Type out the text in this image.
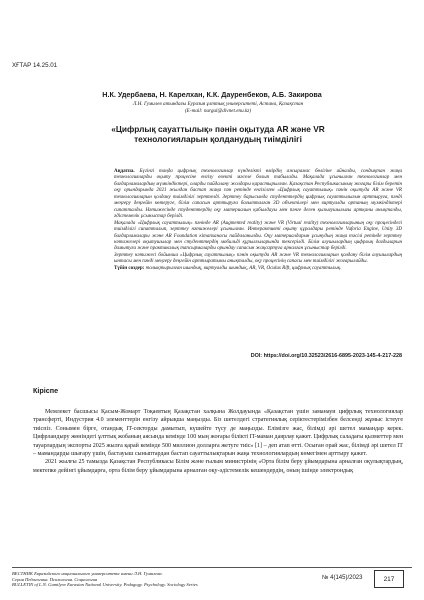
ХҒТАР 14.25.01
Н.К. Удербаева, Н. Карелхан, К.К. Дауренбеков, А.Б. Закирова
Л.Н. Гумилев атындағы Еуразия ұлттық университеті, Астана, Қазақстан
(E-mail: nurgul@divnet.enu.kz)
«Цифрлық сауаттылық» пәнін оқытуда AR және VR
технологияларын қолданудың тиімділігі

Аңдатпа. Бүгінгі таңда цифрлық технологиялар күнделікті өмірдің ажырамас бөлігіне айналды, сондықтан жаңа технологияларды оқыту процесіне енгізу өзекті мәселе болып табылады. Мақалада ұсынылған технологиялар мен бағдарламалардың мүмкіндіктері, оларды пайдалану жолдары қарастырылған. Қазақстан Республикасының жоғары білім беретін оқу орындарында 2021 жылдан бастап жаңа пән ретінде енгізілген «Цифрлық сауаттылық» пәнін оқытуда AR және VR технологияларын қолдану тиімділігі зерттелді. Зерттеу барысында студенттердің цифрлық сауаттылығын арттыруға, пәнді меңгеру деңгейін көтеруге, білім сапасын арттыруға бағытталған 3D объектілері мен виртуалды ортаның мүмкіндіктері сипатталды. Нәтижесінде студенттердің оқу материалын қабылдауы мен пәнге деген қызығушылығы артқаны анықталды, әдістемелік ұсыныстар берілді.

Мақалада «Цифрлық сауаттылық» пәнінде AR (Augmented reality) және VR (Virtual reality) технологияларының оқу процесіндегі тиімділігі сипатталып, зерттеу нәтижелері ұсынылған. Интерактивті оқыту құралдары ретінде Vuforia Engine, Unity 3D бағдарламалары және AR Foundation кітапханасы пайдаланылды. Оқу материалдарын ұсынудың жаңа тәсілі ретінде зерттеу нәтижелері оқытушылар мен студенттердің мобильді құрылғыларында тексерілді. Білім алушылардың цифрлық дағдыларын дамытуға және практикалық тапсырмаларды орындау сапасын жақсартуға арналған ұсыныстар берілді.

Зерттеу нәтижесі бойынша «Цифрлық сауаттылық» пәнін оқытуда AR және VR технологияларын қолдану білім алушылардың ынтасы мен пәнді меңгеру деңгейін арттыратыны анықталды, оқу процесінің сапасы мен тиімділігі жоғарылайды.

Түйін сөздер: толықтырылған шындық, виртуалды шындық, AR, VR, Oculus Rift, цифрлық сауаттылық.

DOI: https://doi.org/10.32523/2616-6895-2023-145-4-217-228
Кіріспе

Мемлекет басшысы Қасым-Жомарт Тоқаевтың Қазақстан халқына Жолдауында «Қазақстан үшін заманауи цифрлық технологиялар трансферті, Индустрия 4.0 элементтерін енгізу айрықша маңызды. Біз шетелдегі стратегиялық серіктестерімізбен белсенді жұмыс істеуге тиіспіз. Сонымен бірге, отандық IT-секторды дамытып, күшейте түсу де маңызды. Елімізге жас, білімді әрі шетел мамандар керек. Цифрландыру жөніндегі ұлттық жобаның аясында кемінде 100 мың жоғары білікті IT-маман даярлау қажет. Цифрлық саладағы қызметтер мен тауарлардың экспорты 2025 жылға қарай кемінде 500 миллион долларға жетуге тиіс» [1] – деп атап өтті. Осыған орай жас, білімді әрі шетел IT – мамандарды шығару үшін, бастауыш сыныптардан бастап сауаттылықтарын жаңа технологиялардың көмегімен арттыру қажет.

2021 жылғы 25 тамызда Қазақстан Республикасы Білім және ғылым министрінің «Орта білім беру ұйымдарына арналған оқулықтардың, мектепке дейінгі ұйымдарға, орта білім беру ұйымдарына арналған оқу-әдістемелік кешендердің, оның ішінде электрондық

ВЕСТНИК Евразийского национального университета имени Л.Н. Гумилева.
Серия Педагогика. Психология. Социология
BULLETIN of L.N. Gumilyov Eurasian National University. Pedagogy. Psychology. Sociology Series
№ 4(145)/2023	217
